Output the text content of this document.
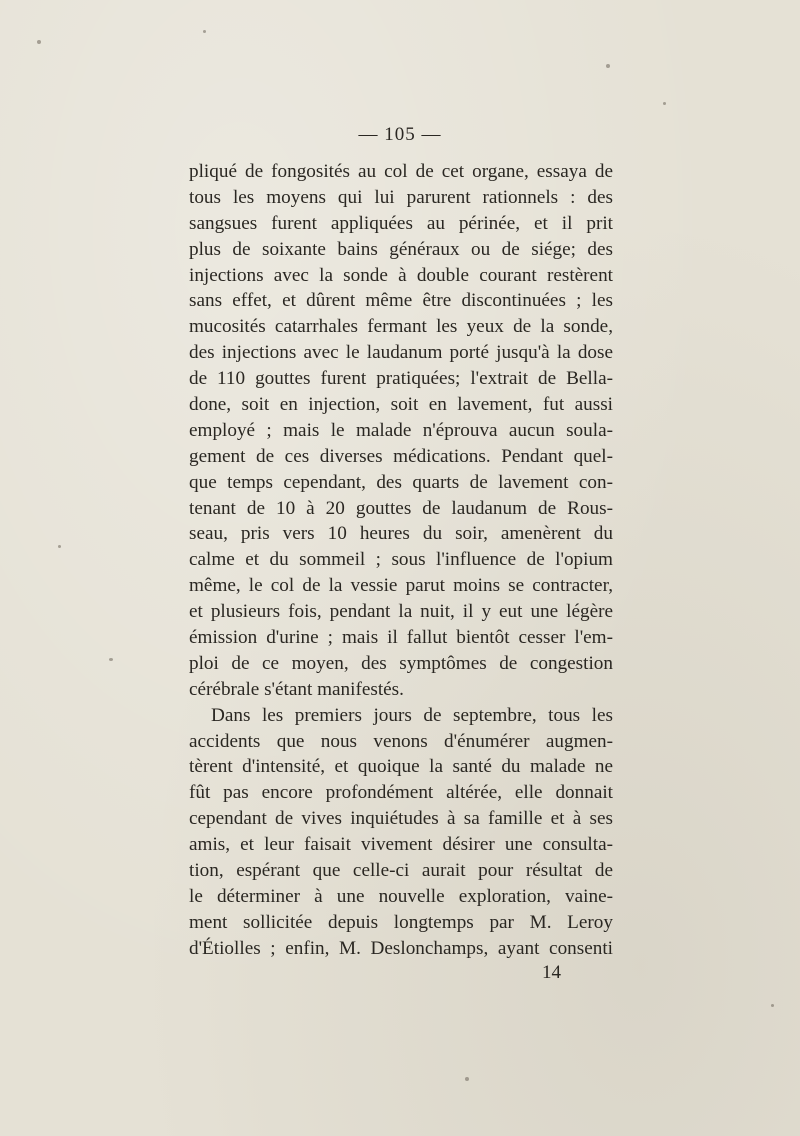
— 105 —
pliqué de fongosités au col de cet organe, essaya de
tous les moyens qui lui parurent rationnels : des
sangsues furent appliquées au périnée, et il prit
plus de soixante bains généraux ou de siége; des
injections avec la sonde à double courant restèrent
sans effet, et dûrent même être discontinuées ; les
mucosités catarrhales fermant les yeux de la sonde,
des injections avec le laudanum porté jusqu'à la dose
de 110 gouttes furent pratiquées; l'extrait de Bella-
done, soit en injection, soit en lavement, fut aussi
employé ; mais le malade n'éprouva aucun soula-
gement de ces diverses médications. Pendant quel-
que temps cependant, des quarts de lavement con-
tenant de 10 à 20 gouttes de laudanum de Rous-
seau, pris vers 10 heures du soir, amenèrent du
calme et du sommeil ; sous l'influence de l'opium
même, le col de la vessie parut moins se contracter,
et plusieurs fois, pendant la nuit, il y eut une légère
émission d'urine ; mais il fallut bientôt cesser l'em-
ploi de ce moyen, des symptômes de congestion
cérébrale s'étant manifestés.
Dans les premiers jours de septembre, tous les
accidents que nous venons d'énumérer augmen-
tèrent d'intensité, et quoique la santé du malade ne
fût pas encore profondément altérée, elle donnait
cependant de vives inquiétudes à sa famille et à ses
amis, et leur faisait vivement désirer une consulta-
tion, espérant que celle-ci aurait pour résultat de
le déterminer à une nouvelle exploration, vaine-
ment sollicitée depuis longtemps par M. Leroy
d'Étiolles ; enfin, M. Deslonchamps, ayant consenti
14
